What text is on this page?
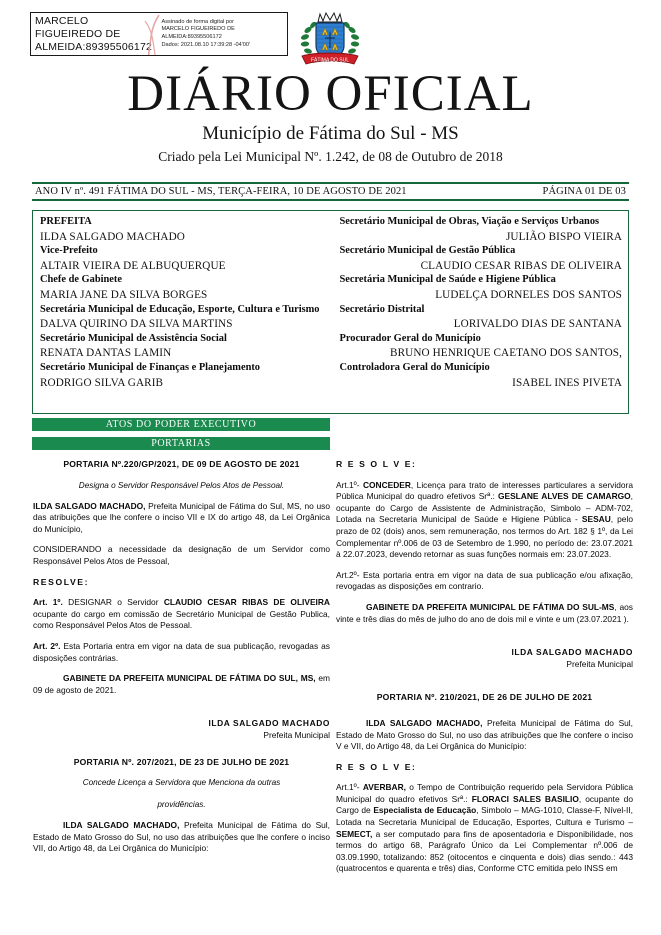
MARCELO FIGUEIREDO DE ALMEIDA:89395506172
Assinado de forma digital por
MARCELO FIGUEIREDO DE
ALMEIDA:89395506172
Dados: 2021.08.10 17:39:28 -04'00'
FÁTIMA DO SUL
DIÁRIO OFICIAL
Município de Fátima do Sul - MS
Criado pela Lei Municipal Nº. 1.242, de 08 de Outubro de 2018
ANO IV nº. 491 FÁTIMA DO SUL - MS, TERÇA-FEIRA, 10 DE AGOSTO DE 2021	PÁGINA 01 DE 03
PREFEITA
ILDA SALGADO MACHADO
Vice-Prefeito
ALTAIR VIEIRA DE ALBUQUERQUE
Chefe de Gabinete
MARIA JANE DA SILVA BORGES
Secretária Municipal de Educação, Esporte, Cultura e Turismo
DALVA QUIRINO DA SILVA MARTINS
Secretário Municipal de Assistência Social
RENATA DANTAS LAMIN
Secretário Municipal de Finanças e Planejamento
RODRIGO SILVA GARIB
Secretário Municipal de Obras, Viação e Serviços Urbanos
JULIÃO BISPO VIEIRA
Secretário Municipal de Gestão Pública
CLAUDIO CESAR RIBAS DE OLIVEIRA
Secretária Municipal de Saúde e Higiene Pública
LUDELÇA DORNELES DOS SANTOS
Secretário Distrital
LORIVALDO DIAS DE SANTANA
Procurador Geral do Município
BRUNO HENRIQUE CAETANO DOS SANTOS,
Controladora Geral do Município
ISABEL INES PIVETA
ATOS DO PODER EXECUTIVO
PORTARIAS
PORTARIA Nº.220/GP/2021, DE 09 DE AGOSTO DE 2021
Designa o Servidor Responsável Pelos Atos de Pessoal.

ILDA SALGADO MACHADO, Prefeita Municipal de Fátima do Sul, MS, no uso das atribuições que lhe confere o inciso VII e IX do artigo 48, da Lei Orgânica do Município,

CONSIDERANDO a necessidade da designação de um Servidor como Responsável Pelos Atos de Pessoal,

RESOLVE:

Art. 1º. DESIGNAR o Servidor CLAUDIO CESAR RIBAS DE OLIVEIRA ocupante do cargo em comissão de Secretário Municipal de Gestão Publica, como Responsável Pelos Atos de Pessoal.

Art. 2º. Esta Portaria entra em vigor na data de sua publicação, revogadas as disposições contrárias.

GABINETE DA PREFEITA MUNICIPAL DE FÁTIMA DO SUL, MS, em 09 de agosto de 2021.

ILDA SALGADO MACHADO

Prefeita Municipal

PORTARIA Nº. 207/2021, DE 23 DE JULHO DE 2021
Concede Licença a Servidora que Menciona da outras
providências.

ILDA SALGADO MACHADO, Prefeita Municipal de Fátima do Sul, Estado de Mato Grosso do Sul, no uso das atribuições que lhe confere o inciso VII, do Artigo 48, da Lei Orgânica do Município:

R E S O L V E:

Art.1º- CONCEDER, Licença para trato de interesses particulares a servidora Pública Municipal do quadro efetivos Srª.: GESLANE ALVES DE CAMARGO, ocupante do Cargo de Assistente de Administração, Simbolo – ADM-702, Lotada na Secretaria Municipal de Saúde e Higiene Pública - SESAU, pelo prazo de 02 (dois) anos, sem remuneração, nos termos do Art. 182 § 1º, da Lei Complementar nº.006 de 03 de Setembro de 1.990, no período de: 23.07.2021 à 22.07.2023, devendo retornar as suas funções normais em: 23.07.2023.

Art.2º- Esta portaria entra em vigor na data de sua publicação e/ou afixação, revogadas as disposições em contrario.

GABINETE DA PREFEITA MUNICIPAL DE FÁTIMA DO SUL-MS, aos vinte e três dias do mês de julho do ano de dois mil e vinte e um (23.07.2021 ).

ILDA SALGADO MACHADO

Prefeita Municipal

PORTARIA Nº. 210/2021, DE 26 DE JULHO DE 2021

ILDA SALGADO MACHADO, Prefeita Municipal de Fátima do Sul, Estado de Mato Grosso do Sul, no uso das atribuições que lhe confere o inciso V e VII, do Artigo 48, da Lei Orgânica do Município:

R E S O L V E:

Art.1º- AVERBAR, o Tempo de Contribuição requerido pela Servidora Pública Municipal do quadro efetivos Srª.: FLORACI SALES BASILIO, ocupante do Cargo de Especialista de Educação, Simbolo – MAG-1010, Classe-F, Nível-II, Lotada na Secretaria Municipal de Educação, Esportes, Cultura e Turismo – SEMECT, a ser computado para fins de aposentadoria e Disponibilidade, nos termos do artigo 68, Parágrafo Único da Lei Complementar nº.006 de 03.09.1990, totalizando: 852 (oitocentos e cinquenta e dois) dias sendo.: 443 (quatrocentos e quarenta e três) dias, Conforme CTC emitida pelo INSS em
